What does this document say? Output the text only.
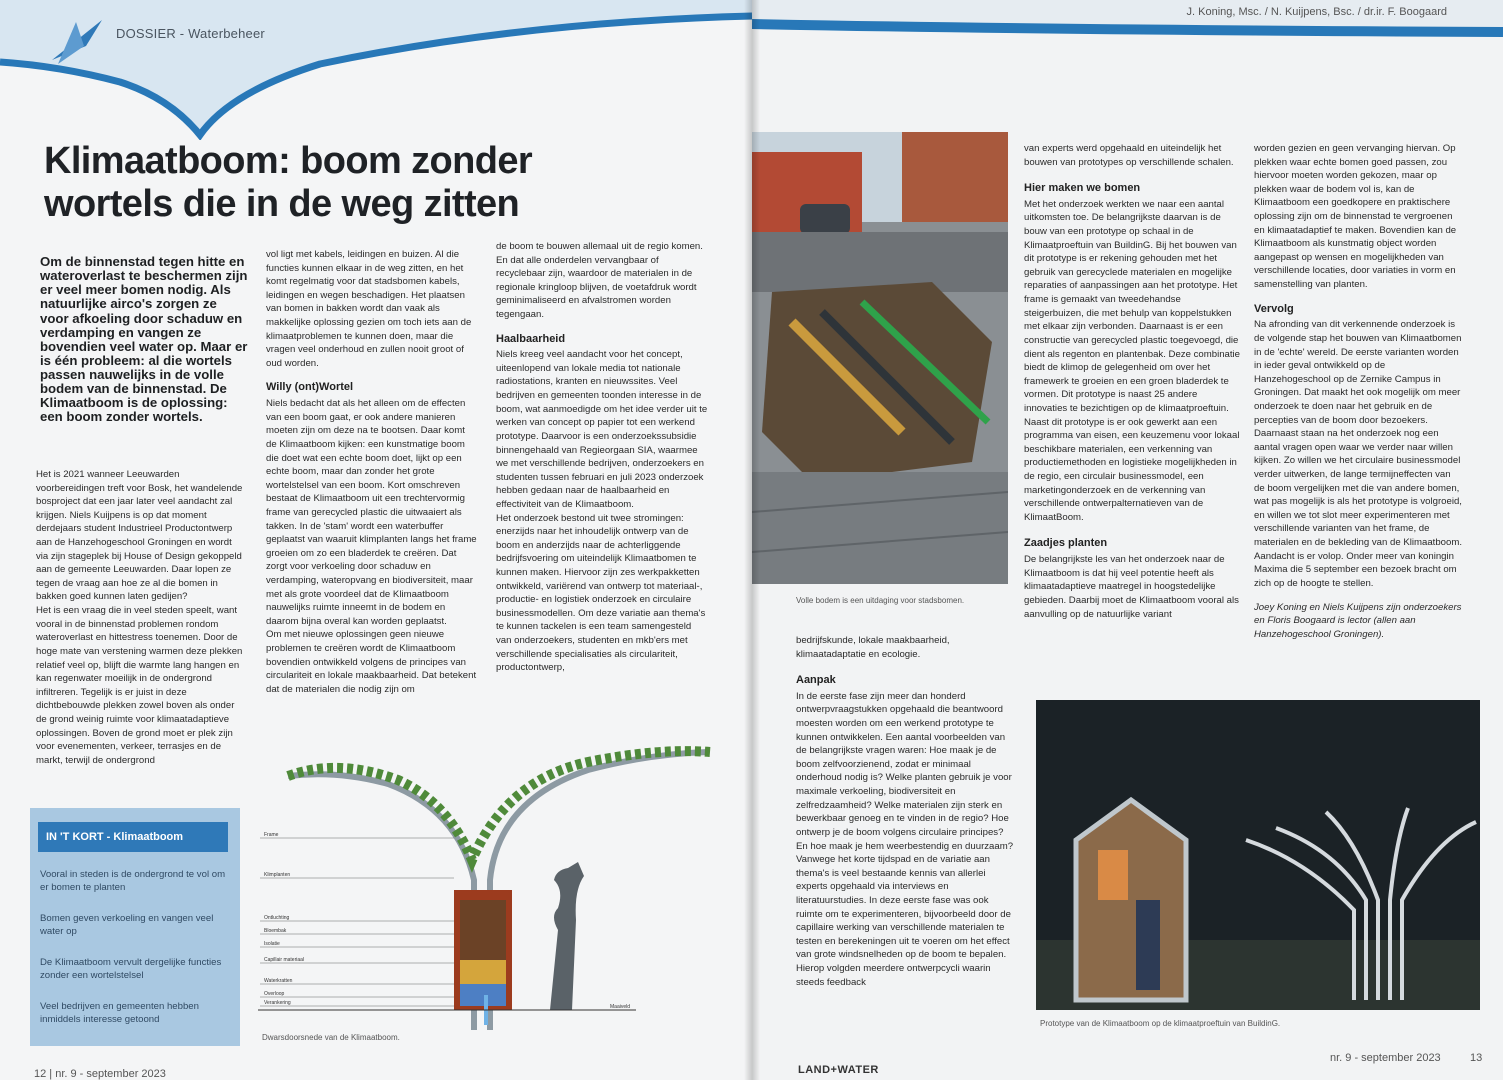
DOSSIER - Waterbeheer
Klimaatboom: boom zonder wortels die in de weg zitten
Om de binnenstad tegen hitte en wateroverlast te beschermen zijn er veel meer bomen nodig. Als natuurlijke airco's zorgen ze voor afkoeling door schaduw en verdamping en vangen ze bovendien veel water op. Maar er is één probleem: al die wortels passen nauwelijks in de volle bodem van de binnenstad. De Klimaatboom is de oplossing: een boom zonder wortels.

Het is 2021 wanneer Leeuwarden voorbereidingen treft voor Bosk, het wandelende bosproject dat een jaar later veel aandacht zal krijgen. Niels Kuijpens is op dat moment derdejaars student Industrieel Productontwerp aan de Hanzehogeschool Groningen en wordt via zijn stageplek bij House of Design gekoppeld aan de gemeente Leeuwarden. Daar lopen ze tegen de vraag aan hoe ze al die bomen in bakken goed kunnen laten gedijen?

Het is een vraag die in veel steden speelt, want vooral in de binnenstad problemen rondom wateroverlast en hittestress toenemen. Door de hoge mate van verstening warmen deze plekken relatief veel op, blijft die warmte lang hangen en kan regenwater moeilijk in de ondergrond infiltreren. Tegelijk is er juist in deze dichtbebouwde plekken zowel boven als onder de grond weinig ruimte voor klimaatadaptieve oplossingen. Boven de grond moet er plek zijn voor evenementen, verkeer, terrasjes en de markt, terwijl de ondergrond

vol ligt met kabels, leidingen en buizen. Al die functies kunnen elkaar in de weg zitten, en het komt regelmatig voor dat stadsbomen kabels, leidingen en wegen beschadigen. Het plaatsen van bomen in bakken wordt dan vaak als makkelijke oplossing gezien om toch iets aan de klimaatproblemen te kunnen doen, maar die vragen veel onderhoud en zullen nooit groot of oud worden.

Willy (ont)Wortel

Niels bedacht dat als het alleen om de effecten van een boom gaat, er ook andere manieren moeten zijn om deze na te bootsen. Daar komt de Klimaatboom kijken: een kunstmatige boom die doet wat een echte boom doet, lijkt op een echte boom, maar dan zonder het grote wortelstelsel van een boom. Kort omschreven bestaat de Klimaatboom uit een trechtervormig frame van gerecycled plastic die uitwaaiert als takken. In de 'stam' wordt een waterbuffer geplaatst van waaruit klimplanten langs het frame groeien om zo een bladerdek te creëren. Dat zorgt voor verkoeling door schaduw en verdamping, wateropvang en biodiversiteit, maar met als grote voordeel dat de Klimaatboom nauwelijks ruimte inneemt in de bodem en daarom bijna overal kan worden geplaatst.

Om met nieuwe oplossingen geen nieuwe problemen te creëren wordt de Klimaatboom bovendien ontwikkeld volgens de principes van circulariteit en lokale maakbaarheid. Dat betekent dat de materialen die nodig zijn om

de boom te bouwen allemaal uit de regio komen. En dat alle onderdelen vervangbaar of recyclebaar zijn, waardoor de materialen in de regionale kringloop blijven, de voetafdruk wordt geminimaliseerd en afvalstromen worden tegengaan.

Haalbaarheid

Niels kreeg veel aandacht voor het concept, uiteenlopend van lokale media tot nationale radiostations, kranten en nieuwssites. Veel bedrijven en gemeenten toonden interesse in de boom, wat aanmoedigde om het idee verder uit te werken van concept op papier tot een werkend prototype. Daarvoor is een onderzoekssubsidie binnengehaald van Regieorgaan SIA, waarmee we met verschillende bedrijven, onderzoekers en studenten tussen februari en juli 2023 onderzoek hebben gedaan naar de haalbaarheid en effectiviteit van de Klimaatboom.

Het onderzoek bestond uit twee stromingen: enerzijds naar het inhoudelijk ontwerp van de boom en anderzijds naar de achterliggende bedrijfsvoering om uiteindelijk Klimaatbomen te kunnen maken. Hiervoor zijn zes werkpakketten ontwikkeld, variërend van ontwerp tot materiaal-, productie- en logistiek onderzoek en circulaire businessmodellen. Om deze variatie aan thema's te kunnen tackelen is een team samengesteld van onderzoekers, studenten en mkb'ers met verschillende specialisaties als circulariteit, productontwerp,

IN 'T KORT - Klimaatboom
Vooral in steden is de ondergrond te vol om er bomen te planten
Bomen geven verkoeling en vangen veel water op
De Klimaatboom vervult dergelijke functies zonder een wortelstelsel
Veel bedrijven en gemeenten hebben inmiddels interesse getoond
Frame
Klimplanten
Ontluchting
Bloembak
Isolatie
Capillair materiaal
Waterkratten
Overloop
Verankering
Maaiveld
Dwarsdoorsnede van de Klimaatboom.
12 | nr. 9 - september 2023
J. Koning, Msc. / N. Kuijpens, Bsc. / dr.ir. F. Boogaard
Volle bodem is een uitdaging voor stadsbomen.

bedrijfskunde, lokale maakbaarheid, klimaatadaptatie en ecologie.

Aanpak

In de eerste fase zijn meer dan honderd ontwerpvraagstukken opgehaald die beantwoord moesten worden om een werkend prototype te kunnen ontwikkelen. Een aantal voorbeelden van de belangrijkste vragen waren: Hoe maak je de boom zelfvoorzienend, zodat er minimaal onderhoud nodig is? Welke planten gebruik je voor maximale verkoeling, biodiversiteit en zelfredzaamheid? Welke materialen zijn sterk en bewerkbaar genoeg en te vinden in de regio? Hoe ontwerp je de boom volgens circulaire principes? En hoe maak je hem weerbestendig en duurzaam?

Vanwege het korte tijdspad en de variatie aan thema's is veel bestaande kennis van allerlei experts opgehaald via interviews en literatuurstudies. In deze eerste fase was ook ruimte om te experimenteren, bijvoorbeeld door de capillaire werking van verschillende materialen te testen en berekeningen uit te voeren om het effect van grote windsnelheden op de boom te bepalen. Hierop volgden meerdere ontwerpcycli waarin steeds feedback

van experts werd opgehaald en uiteindelijk het bouwen van prototypes op verschillende schalen.

Hier maken we bomen

Met het onderzoek werkten we naar een aantal uitkomsten toe. De belangrijkste daarvan is de bouw van een prototype op schaal in de Klimaatproeftuin van BuildinG. Bij het bouwen van dit prototype is er rekening gehouden met het gebruik van gerecyclede materialen en mogelijke reparaties of aanpassingen aan het prototype. Het frame is gemaakt van tweedehandse steigerbuizen, die met behulp van koppelstukken met elkaar zijn verbonden. Daarnaast is er een constructie van gerecycled plastic toegevoegd, die dient als regenton en plantenbak. Deze combinatie biedt de klimop de gelegenheid om over het framewerk te groeien en een groen bladerdek te vormen. Dit prototype is naast 25 andere innovaties te bezichtigen op de klimaatproeftuin.

Naast dit prototype is er ook gewerkt aan een programma van eisen, een keuzemenu voor lokaal beschikbare materialen, een verkenning van productiemethoden en logistieke mogelijkheden in de regio, een circulair businessmodel, een marketingonderzoek en de verkenning van verschillende ontwerpalternatieven van de KlimaatBoom.

Zaadjes planten

De belangrijkste les van het onderzoek naar de Klimaatboom is dat hij veel potentie heeft als klimaatadaptieve maatregel in hoogstedelijke gebieden. Daarbij moet de Klimaatboom vooral als aanvulling op de natuurlijke variant

worden gezien en geen vervanging hiervan. Op plekken waar echte bomen goed passen, zou hiervoor moeten worden gekozen, maar op plekken waar de bodem vol is, kan de Klimaatboom een goedkopere en praktischere oplossing zijn om de binnenstad te vergroenen en klimaatadaptief te maken. Bovendien kan de Klimaatboom als kunstmatig object worden aangepast op wensen en mogelijkheden van verschillende locaties, door variaties in vorm en samenstelling van planten.

Vervolg

Na afronding van dit verkennende onderzoek is de volgende stap het bouwen van Klimaatbomen in de 'echte' wereld. De eerste varianten worden in ieder geval ontwikkeld op de Hanzehogeschool op de Zernike Campus in Groningen. Dat maakt het ook mogelijk om meer onderzoek te doen naar het gebruik en de percepties van de boom door bezoekers. Daarnaast staan na het onderzoek nog een aantal vragen open waar we verder naar willen kijken. Zo willen we het circulaire businessmodel verder uitwerken, de lange termijneffecten van de boom vergelijken met die van andere bomen, wat pas mogelijk is als het prototype is volgroeid, en willen we tot slot meer experimenteren met verschillende varianten van het frame, de materialen en de bekleding van de Klimaatboom.

Aandacht is er volop. Onder meer van koningin Maxima die 5 september een bezoek bracht om zich op de hoogte te stellen.

Joey Koning en Niels Kuijpens zijn onderzoekers en Floris Boogaard is lector (allen aan Hanzehogeschool Groningen).

Prototype van de Klimaatboom op de klimaatproeftuin van BuildinG.
LAND+WATER
nr. 9 - september 2023	13
